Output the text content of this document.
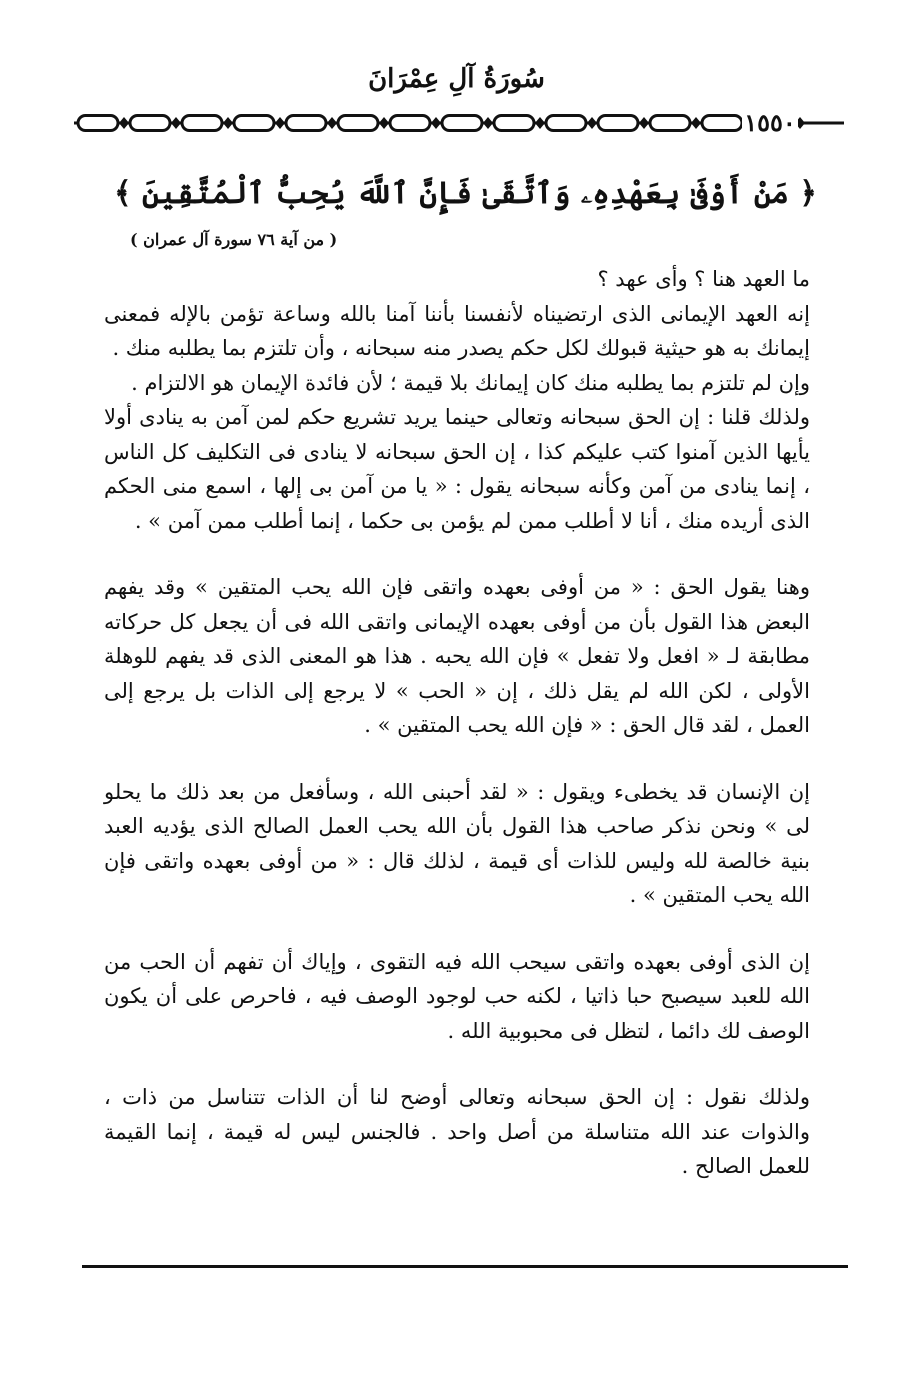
سُورَةُ آلِ عِمْرَانَ
١٥٥٠
﴿ مَنْ أَوْفَىٰ بِعَهْدِهِۦ وَٱتَّقَىٰ فَإِنَّ ٱللَّهَ يُحِبُّ ٱلْمُتَّقِينَ ﴾
( من آية ٧٦ سورة آل عمران )

ما العهد هنا ؟ وأى عهد ؟

إنه العهد الإيمانى الذى ارتضيناه لأنفسنا بأننا آمنا بالله وساعة تؤمن بالإله فمعنى إيمانك به هو حيثية قبولك لكل حكم يصدر منه سبحانه ، وأن تلتزم بما يطلبه منك .

وإن لم تلتزم بما يطلبه منك كان إيمانك بلا قيمة ؛ لأن فائدة الإيمان هو الالتزام .

ولذلك قلنا : إن الحق سبحانه وتعالى حينما يريد تشريع حكم لمن آمن به ينادى أولا يأيها الذين آمنوا كتب عليكم كذا ، إن الحق سبحانه لا ينادى فى التكليف كل الناس ، إنما ينادى من آمن وكأنه سبحانه يقول : « يا من آمن بى إلها ، اسمع منى الحكم الذى أريده منك ، أنا لا أطلب ممن لم يؤمن بى حكما ، إنما أطلب ممن آمن » .

وهنا يقول الحق : « من أوفى بعهده واتقى فإن الله يحب المتقين » وقد يفهم البعض هذا القول بأن من أوفى بعهده الإيمانى واتقى الله فى أن يجعل كل حركاته مطابقة لـ « افعل ولا تفعل » فإن الله يحبه . هذا هو المعنى الذى قد يفهم للوهلة الأولى ، لكن الله لم يقل ذلك ، إن « الحب » لا يرجع إلى الذات بل يرجع إلى العمل ، لقد قال الحق : « فإن الله يحب المتقين » .

إن الإنسان قد يخطىء ويقول : « لقد أحبنى الله ، وسأفعل من بعد ذلك ما يحلو لى » ونحن نذكر صاحب هذا القول بأن الله يحب العمل الصالح الذى يؤديه العبد بنية خالصة لله وليس للذات أى قيمة ، لذلك قال : « من أوفى بعهده واتقى فإن الله يحب المتقين » .

إن الذى أوفى بعهده واتقى سيحب الله فيه التقوى ، وإياك أن تفهم أن الحب من الله للعبد سيصبح حبا ذاتيا ، لكنه حب لوجود الوصف فيه ، فاحرص على أن يكون الوصف لك دائما ، لتظل فى محبوبية الله .

ولذلك نقول : إن الحق سبحانه وتعالى أوضح لنا أن الذات تتناسل من ذات ، والذوات عند الله متناسلة من أصل واحد . فالجنس ليس له قيمة ، إنما القيمة للعمل الصالح .
